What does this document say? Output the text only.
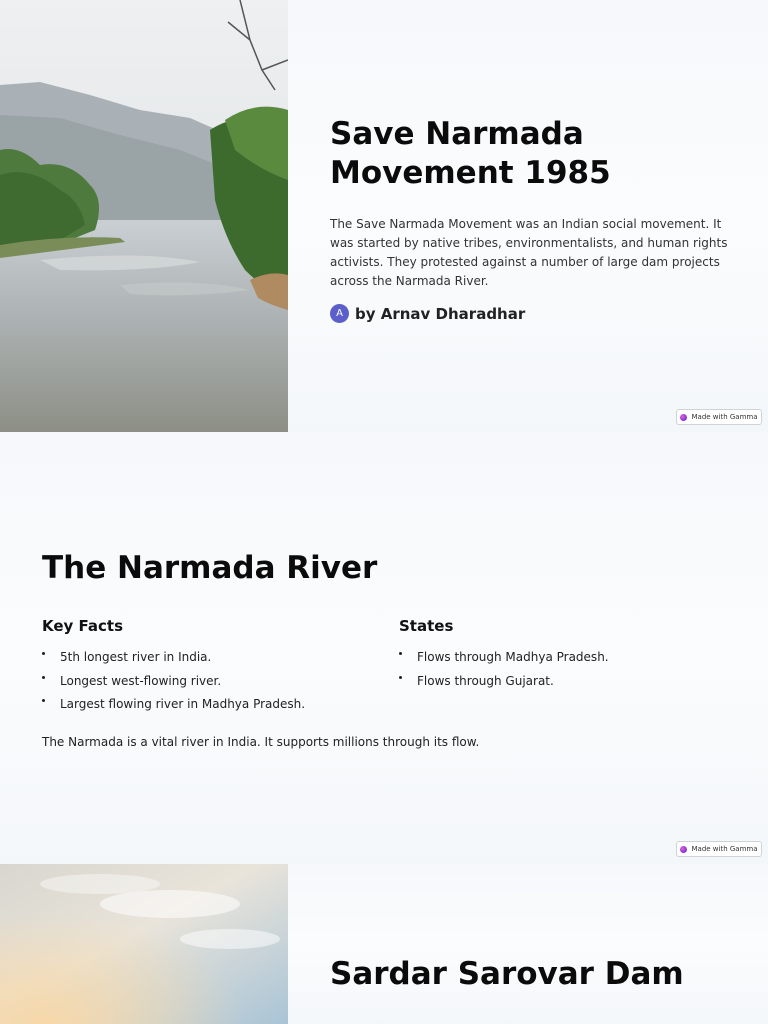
Save Narmada Movement 1985

The Save Narmada Movement was an Indian social movement. It was started by native tribes, environmentalists, and human rights activists. They protested against a number of large dam projects across the Narmada River.

A by Arnav Dharadhar
Made with Gamma
Made with Gamma
The Narmada River
Key Facts
5th longest river in India.
Longest west-flowing river.
Largest flowing river in Madhya Pradesh.
States
Flows through Madhya Pradesh.
Flows through Gujarat.

The Narmada is a vital river in India. It supports millions through its flow.

Sardar Sarovar Dam
